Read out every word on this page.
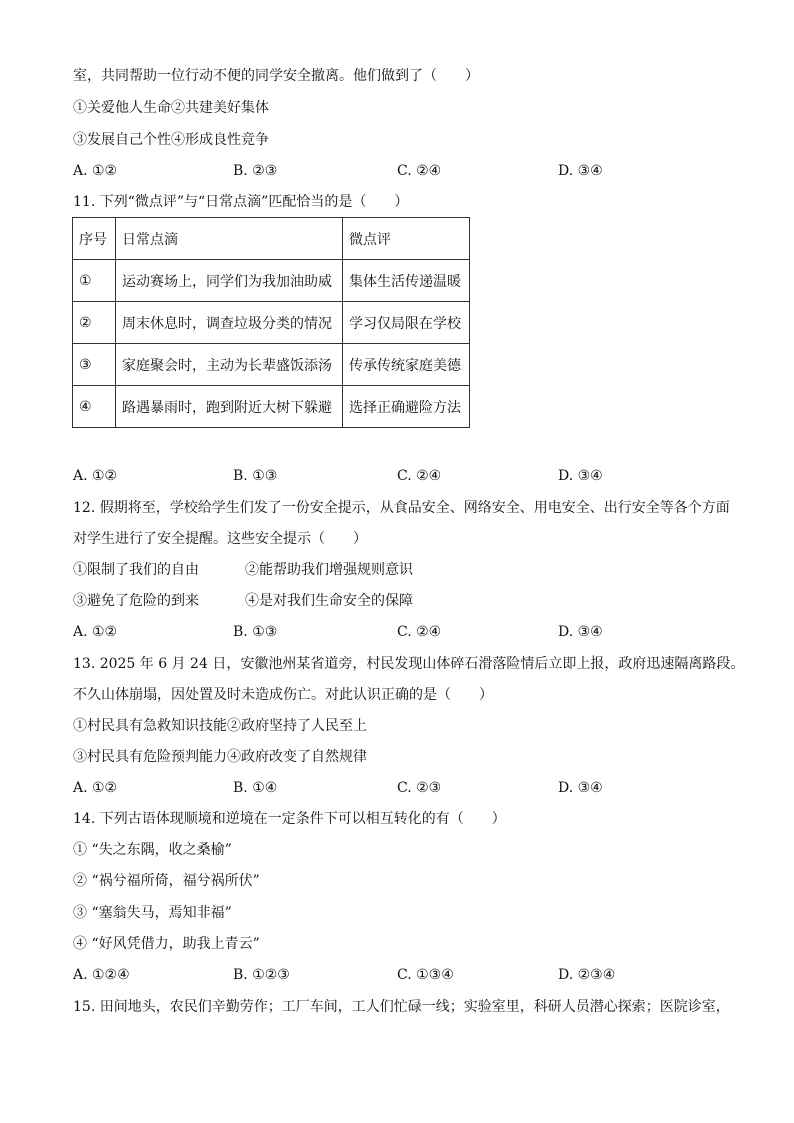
室，共同帮助一位行动不便的同学安全撤离。他们做到了（　　）
①关爱他人生命②共建美好集体
③发展自己个性④形成良性竞争
A. ①②	B. ②③	C. ②④	D. ③④
11. 下列“微点评”与“日常点滴”匹配恰当的是（　　）
序号	日常点滴	微点评
①	运动赛场上，同学们为我加油助威	集体生活传递温暖
②	周末休息时，调查垃圾分类的情况	学习仅局限在学校
③	家庭聚会时，主动为长辈盛饭添汤	传承传统家庭美德
④	路遇暴雨时，跑到附近大树下躲避	选择正确避险方法
A. ①②	B. ①③	C. ②④	D. ③④
12. 假期将至，学校给学生们发了一份安全提示，从食品安全、网络安全、用电安全、出行安全等各个方面
对学生进行了安全提醒。这些安全提示（　　）
①限制了我们的自由	②能帮助我们增强规则意识
③避免了危险的到来	④是对我们生命安全的保障
A. ①②	B. ①③	C. ②④	D. ③④
13. 2025 年 6 月 24 日，安徽池州某省道旁，村民发现山体碎石滑落险情后立即上报，政府迅速隔离路段。
不久山体崩塌，因处置及时未造成伤亡。对此认识正确的是（　　）
①村民具有急救知识技能②政府坚持了人民至上
③村民具有危险预判能力④政府改变了自然规律
A. ①②	B. ①④	C. ②③	D. ③④
14. 下列古语体现顺境和逆境在一定条件下可以相互转化的有（　　）
① “失之东隅，收之桑榆”
② “祸兮福所倚，福兮祸所伏”
③ “塞翁失马，焉知非福”
④ “好风凭借力，助我上青云”
A. ①②④	B. ①②③	C. ①③④	D. ②③④
15. 田间地头，农民们辛勤劳作；工厂车间，工人们忙碌一线；实验室里，科研人员潜心探索；医院诊室，
